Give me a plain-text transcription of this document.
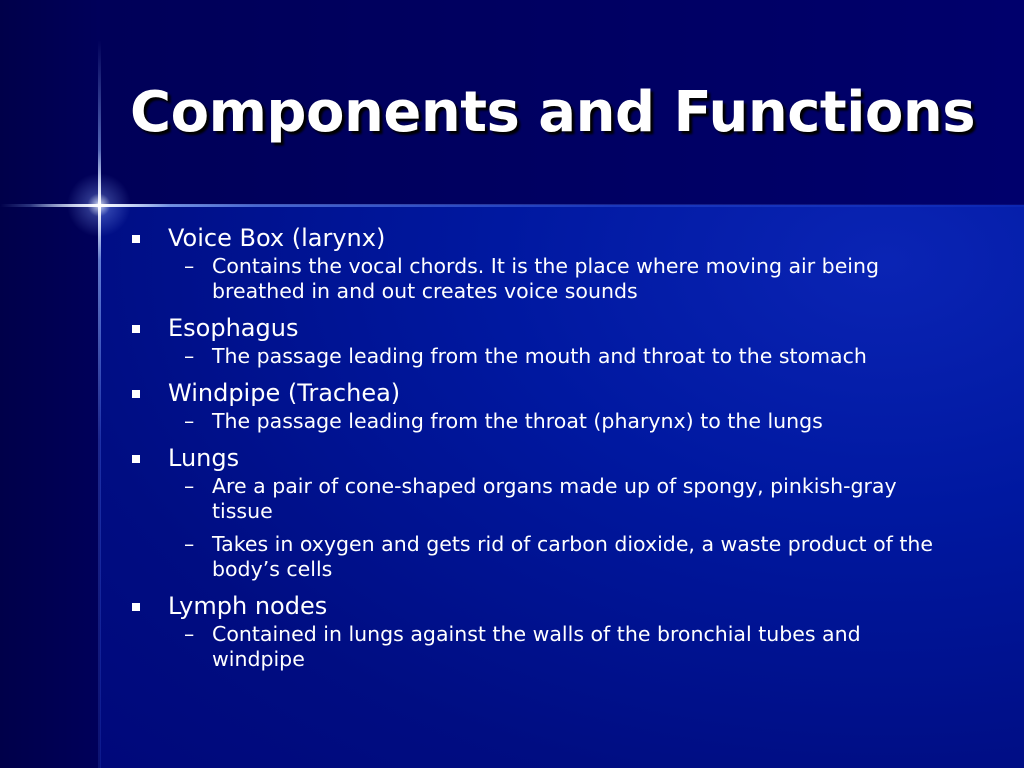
Components and Functions
Voice Box (larynx)
– Contains the vocal chords. It is the place where moving air being breathed in and out creates voice sounds
Esophagus
– The passage leading from the mouth and throat to the stomach
Windpipe (Trachea)
– The passage leading from the throat (pharynx) to the lungs
Lungs
– Are a pair of cone-shaped organs made up of spongy, pinkish-gray tissue
– Takes in oxygen and gets rid of carbon dioxide, a waste product of the body’s cells
Lymph nodes
– Contained in lungs against the walls of the bronchial tubes and windpipe
